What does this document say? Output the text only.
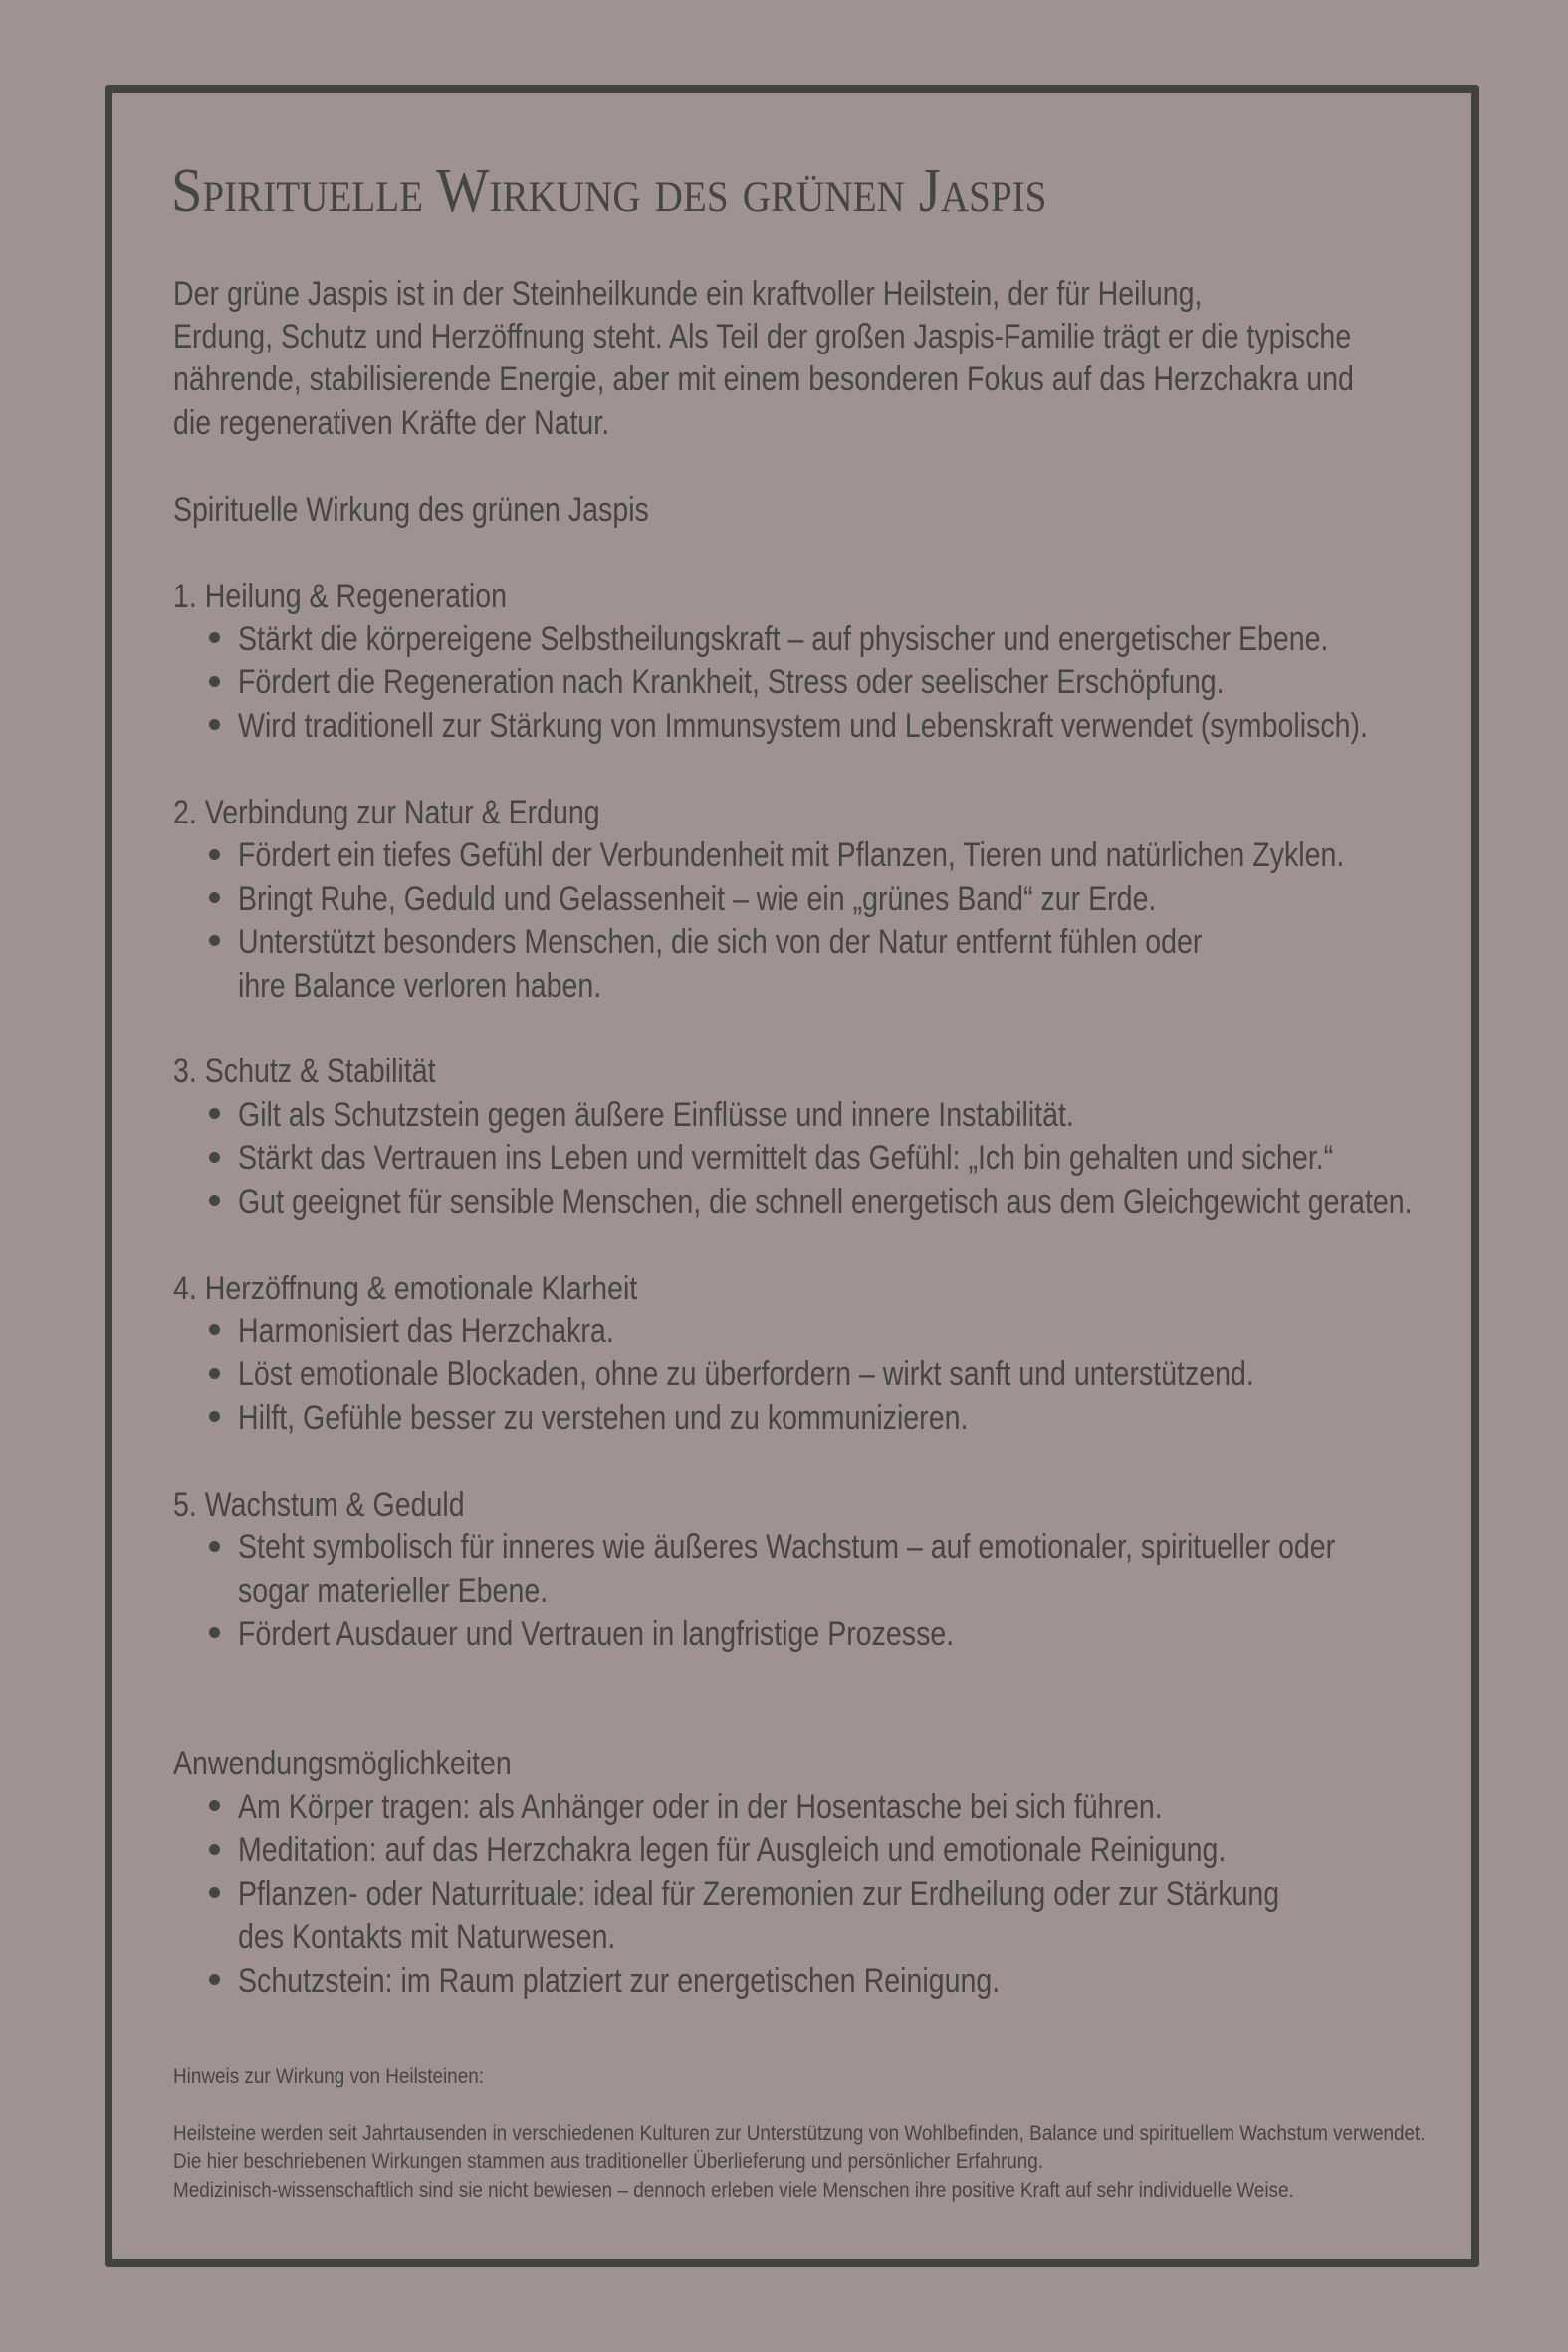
Spirituelle Wirkung des grünen Jaspis
Der grüne Jaspis ist in der Steinheilkunde ein kraftvoller Heilstein, der für Heilung,
Erdung, Schutz und Herzöffnung steht. Als Teil der großen Jaspis-Familie trägt er die typische
nährende, stabilisierende Energie, aber mit einem besonderen Fokus auf das Herzchakra und
die regenerativen Kräfte der Natur.
Spirituelle Wirkung des grünen Jaspis
1. Heilung & Regeneration
Stärkt die körpereigene Selbstheilungskraft – auf physischer und energetischer Ebene.
Fördert die Regeneration nach Krankheit, Stress oder seelischer Erschöpfung.
Wird traditionell zur Stärkung von Immunsystem und Lebenskraft verwendet (symbolisch).
2. Verbindung zur Natur & Erdung
Fördert ein tiefes Gefühl der Verbundenheit mit Pflanzen, Tieren und natürlichen Zyklen.
Bringt Ruhe, Geduld und Gelassenheit – wie ein „grünes Band“ zur Erde.
Unterstützt besonders Menschen, die sich von der Natur entfernt fühlen oder
ihre Balance verloren haben.
3. Schutz & Stabilität
Gilt als Schutzstein gegen äußere Einflüsse und innere Instabilität.
Stärkt das Vertrauen ins Leben und vermittelt das Gefühl: „Ich bin gehalten und sicher.“
Gut geeignet für sensible Menschen, die schnell energetisch aus dem Gleichgewicht geraten.
4. Herzöffnung & emotionale Klarheit
Harmonisiert das Herzchakra.
Löst emotionale Blockaden, ohne zu überfordern – wirkt sanft und unterstützend.
Hilft, Gefühle besser zu verstehen und zu kommunizieren.
5. Wachstum & Geduld
Steht symbolisch für inneres wie äußeres Wachstum – auf emotionaler, spiritueller oder
sogar materieller Ebene.
Fördert Ausdauer und Vertrauen in langfristige Prozesse.
Anwendungsmöglichkeiten
Am Körper tragen: als Anhänger oder in der Hosentasche bei sich führen.
Meditation: auf das Herzchakra legen für Ausgleich und emotionale Reinigung.
Pflanzen- oder Naturrituale: ideal für Zeremonien zur Erdheilung oder zur Stärkung
des Kontakts mit Naturwesen.
Schutzstein: im Raum platziert zur energetischen Reinigung.
Hinweis zur Wirkung von Heilsteinen:
Heilsteine werden seit Jahrtausenden in verschiedenen Kulturen zur Unterstützung von Wohlbefinden, Balance und spirituellem Wachstum verwendet.
Die hier beschriebenen Wirkungen stammen aus traditioneller Überlieferung und persönlicher Erfahrung.
Medizinisch-wissenschaftlich sind sie nicht bewiesen – dennoch erleben viele Menschen ihre positive Kraft auf sehr individuelle Weise.
